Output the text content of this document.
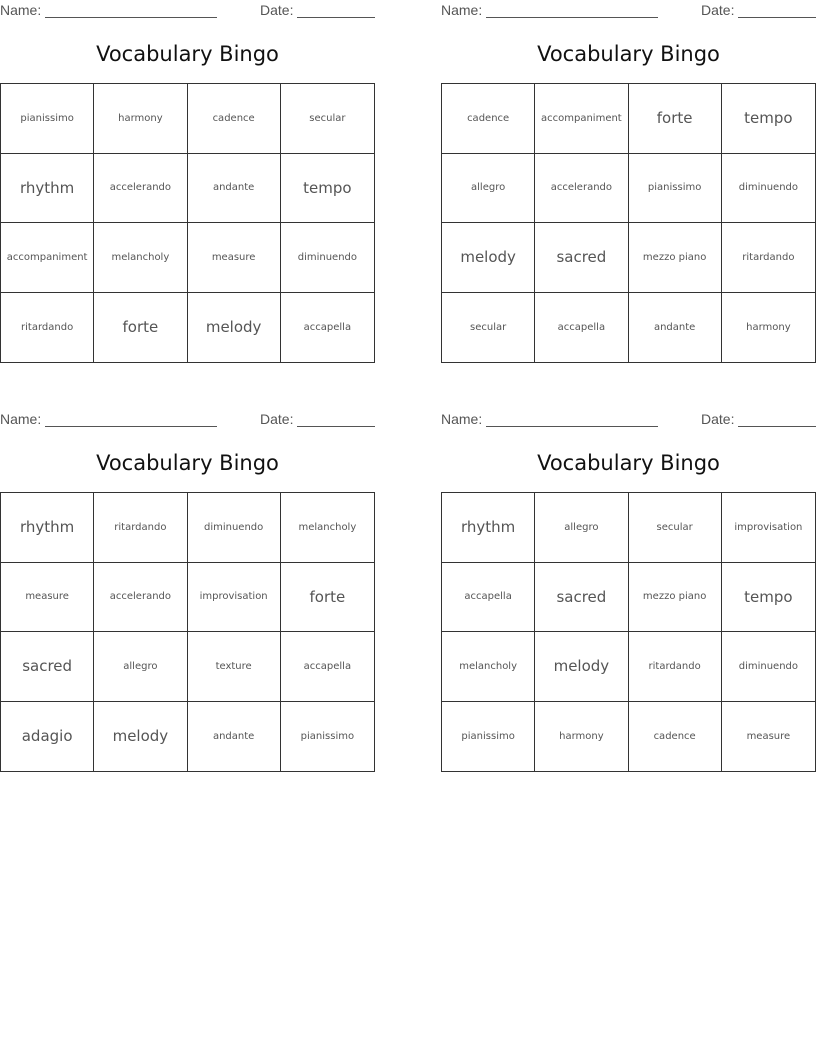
Name:	Date:
Vocabulary Bingo
pianissimo	harmony	cadence	secular
rhythm	accelerando	andante	tempo
accompaniment	melancholy	measure	diminuendo
ritardando	forte	melody	accapella
Name:	Date:
Vocabulary Bingo
cadence	accompaniment	forte	tempo
allegro	accelerando	pianissimo	diminuendo
melody	sacred	mezzo piano	ritardando
secular	accapella	andante	harmony
Name:	Date:
Vocabulary Bingo
rhythm	ritardando	diminuendo	melancholy
measure	accelerando	improvisation	forte
sacred	allegro	texture	accapella
adagio	melody	andante	pianissimo
Name:	Date:
Vocabulary Bingo
rhythm	allegro	secular	improvisation
accapella	sacred	mezzo piano	tempo
melancholy	melody	ritardando	diminuendo
pianissimo	harmony	cadence	measure
